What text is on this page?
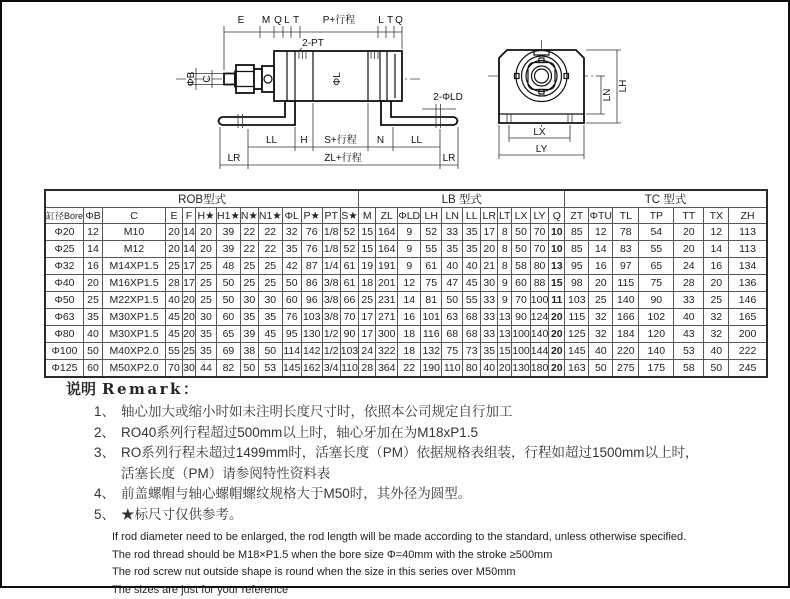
E M Q L T P+行程 L T Q
2-PT
2-ΦLD
ΦL
ΦB C
LL H S+行程 N	LL
LR	ZL+行程	LR
LN
LH
LX
LY
ROB型式													LB 型式											TC 型式						
缸径Bore	ΦB	C	E	F	H★	H1★	N★	N1★	ΦL	P★	PT	S★	M	ZL	ΦLD	LH	LN	LL	LR	LT	LX	LY	Q	ZT	ΦTU	TL	TP	TT	TX	ZH
Φ20	12	M10	20	14	20	39	22	22	32	76	1/8	52	15	164	9	52	33	35	17	8	50	70	10	85	12	78	54	20	12	113
Φ25	14	M12	20	14	20	39	22	22	35	76	1/8	52	15	164	9	55	35	35	20	8	50	70	10	85	14	83	55	20	14	113
Φ32	16	M14XP1.5	25	17	25	48	25	25	42	87	1/4	61	19	191	9	61	40	40	21	8	58	80	13	95	16	97	65	24	16	134
Φ40	20	M16XP1.5	28	17	25	50	25	25	50	86	3/8	61	18	201	12	75	47	45	30	9	60	88	15	98	20	115	75	28	20	136
Φ50	25	M22XP1.5	40	20	25	50	30	30	60	96	3/8	66	25	231	14	81	50	55	33	9	70	100	11	103	25	140	90	33	25	146
Φ63	35	M30XP1.5	45	20	30	60	35	35	76	103	3/8	70	17	271	16	101	63	68	33	13	90	124	20	115	32	166	102	40	32	165
Φ80	40	M30XP1.5	45	20	35	65	39	45	95	130	1/2	90	17	300	18	116	68	68	33	13	100	140	20	125	32	184	120	43	32	200
Φ100	50	M40XP2.0	55	25	35	69	38	50	114	142	1/2	103	24	322	18	132	75	73	35	15	100	144	20	145	40	220	140	53	40	222
Φ125	60	M50XP2.0	70	30	44	82	50	53	145	162	3/4	110	28	364	22	190	110	80	40	20	130	180	20	163	50	275	175	58	50	245
说明 Remark：
1、 轴心加大或缩小时如未注明长度尺寸时，依照本公司规定自行加工
2、 RO40系列行程超过500mm以上时，轴心牙加在为M18xP1.5
3、 RO系列行程未超过1499mm时，活塞长度（PM）依据规格表组装，行程如超过1500mm以上时，
活塞长度（PM）请参阅特性资料表
4、 前盖螺帽与轴心螺帽螺纹规格大于M50时，其外径为圆型。
5、 ★标尺寸仅供参考。
If rod diameter need to be enlarged, the rod length will be made according to the standard, unless otherwise specified.
The rod thread should be M18×P1.5 when the bore size Φ=40mm with the stroke ≥500mm
The rod screw nut outside shape is round when the size in this series over M50mm
The sizes are just for your reference
